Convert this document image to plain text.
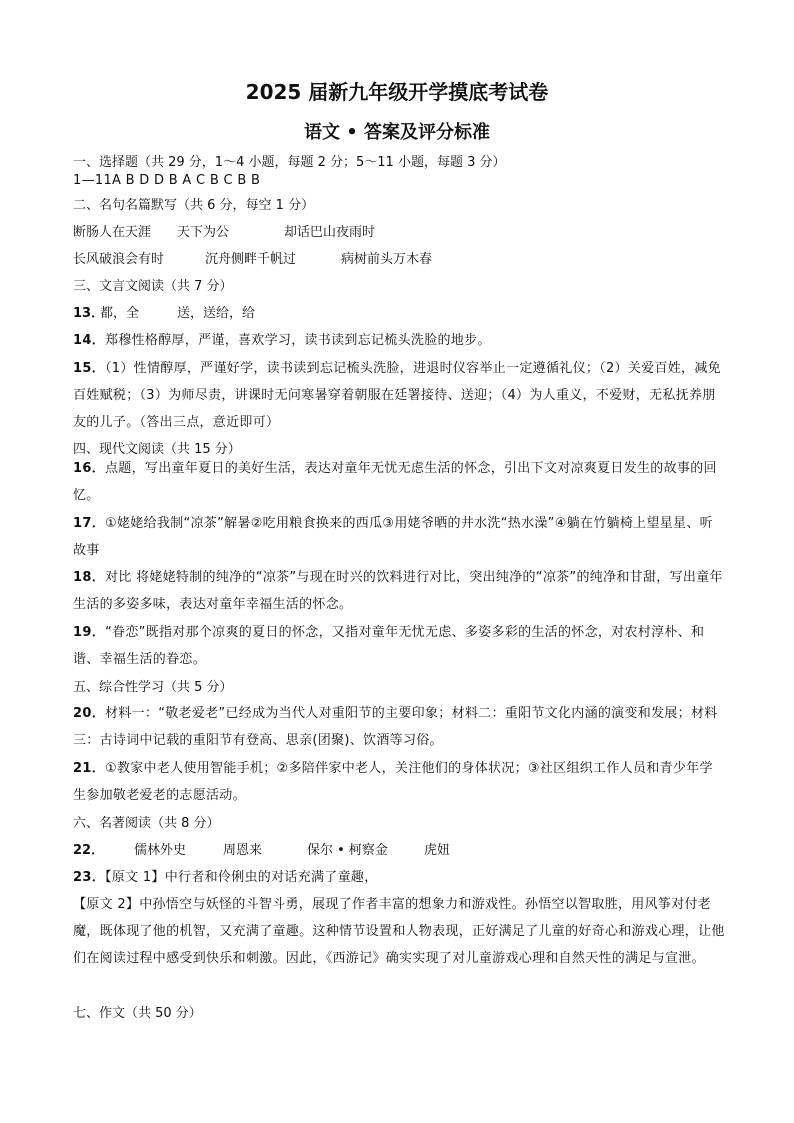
2025 届新九年级开学摸底考试卷
语文 • 答案及评分标准
一、选择题（共 29 分，1～4 小题，每题 2 分；5～11 小题，每题 3 分）
1—11A B D D B A C B C B B
二、名句名篇默写（共 6 分，每空 1 分）
断肠人在天涯 天下为公	却话巴山夜雨时
长风破浪会有时	沉舟侧畔千帆过	病树前头万木春
三、文言文阅读（共 7 分）
13．
都，全	送，送给，给
14．郑穆性格醇厚，严谨，喜欢学习，读书读到忘记梳头洗脸的地步。
15．（1）性情醇厚，严谨好学，读书读到忘记梳头洗脸，进退时仪容举止一定遵循礼仪；（2）关爱百姓，减免百姓赋税；（3）为师尽责，讲课时无问寒暑穿着朝服在廷署接待、送迎；（4）为人重义，不爱财，无私抚养朋友的儿子。（答出三点，意近即可）
四、现代文阅读（共 15 分）
16．点题，写出童年夏日的美好生活，表达对童年无忧无虑生活的怀念，引出下文对凉爽夏日发生的故事的回忆。
17．①姥姥给我制“凉茶”解暑②吃用粮食换来的西瓜③用姥爷晒的井水洗“热水澡”④躺在竹躺椅上望星星、听故事
18．对比 将姥姥特制的纯净的“凉茶”与现在时兴的饮料进行对比，突出纯净的“凉茶”的纯净和甘甜，写出童年生活的多姿多味，表达对童年幸福生活的怀念。
19．“眷恋”既指对那个凉爽的夏日的怀念，又指对童年无忧无虑、多姿多彩的生活的怀念，对农村淳朴、和谐、幸福生活的眷恋。
五、综合性学习（共 5 分）
20．材料一：“敬老爱老”已经成为当代人对重阳节的主要印象；材料二：重阳节文化内涵的演变和发展；材料三：古诗词中记载的重阳节有登高、思亲(团聚)、饮酒等习俗。
21．①教家中老人使用智能手机；②多陪伴家中老人，关注他们的身体状况；③社区组织工作人员和青少年学生参加敬老爱老的志愿活动。
六、名著阅读（共 8 分）
22． 儒林外史	周恩来	保尔 • 柯察金	虎妞
23．【原文 1】中行者和伶俐虫的对话充满了童趣，
【原文 2】中孙悟空与妖怪的斗智斗勇，展现了作者丰富的想象力和游戏性。孙悟空以智取胜，用风筝对付老魔，既体现了他的机智，又充满了童趣。这种情节设置和人物表现，正好满足了儿童的好奇心和游戏心理，让他们在阅读过程中感受到快乐和刺激。因此，《西游记》确实实现了对儿童游戏心理和自然天性的满足与宣泄。
七、作文（共 50 分）
